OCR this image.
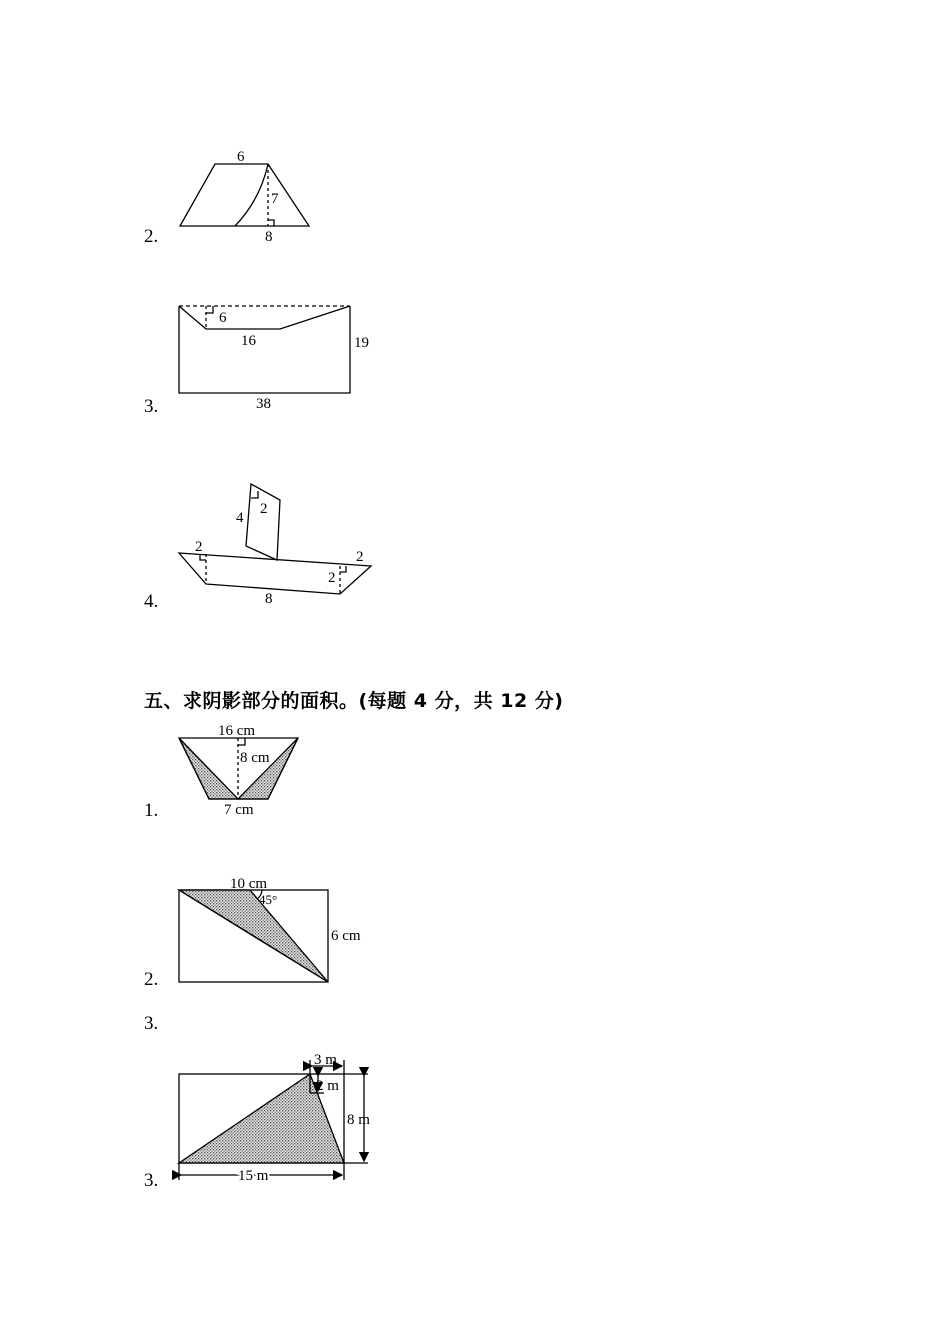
2.
3.
4.
五、求阴影部分的面积。(每题 4 分，共 12 分)
1.
2.
3.
3.
6
7
8
6
16	19
38
4
2
2
2
2
8
16 cm
8 cm
7 cm
10 cm
45°
6 cm
3 m
2 m
8 m
15 m
